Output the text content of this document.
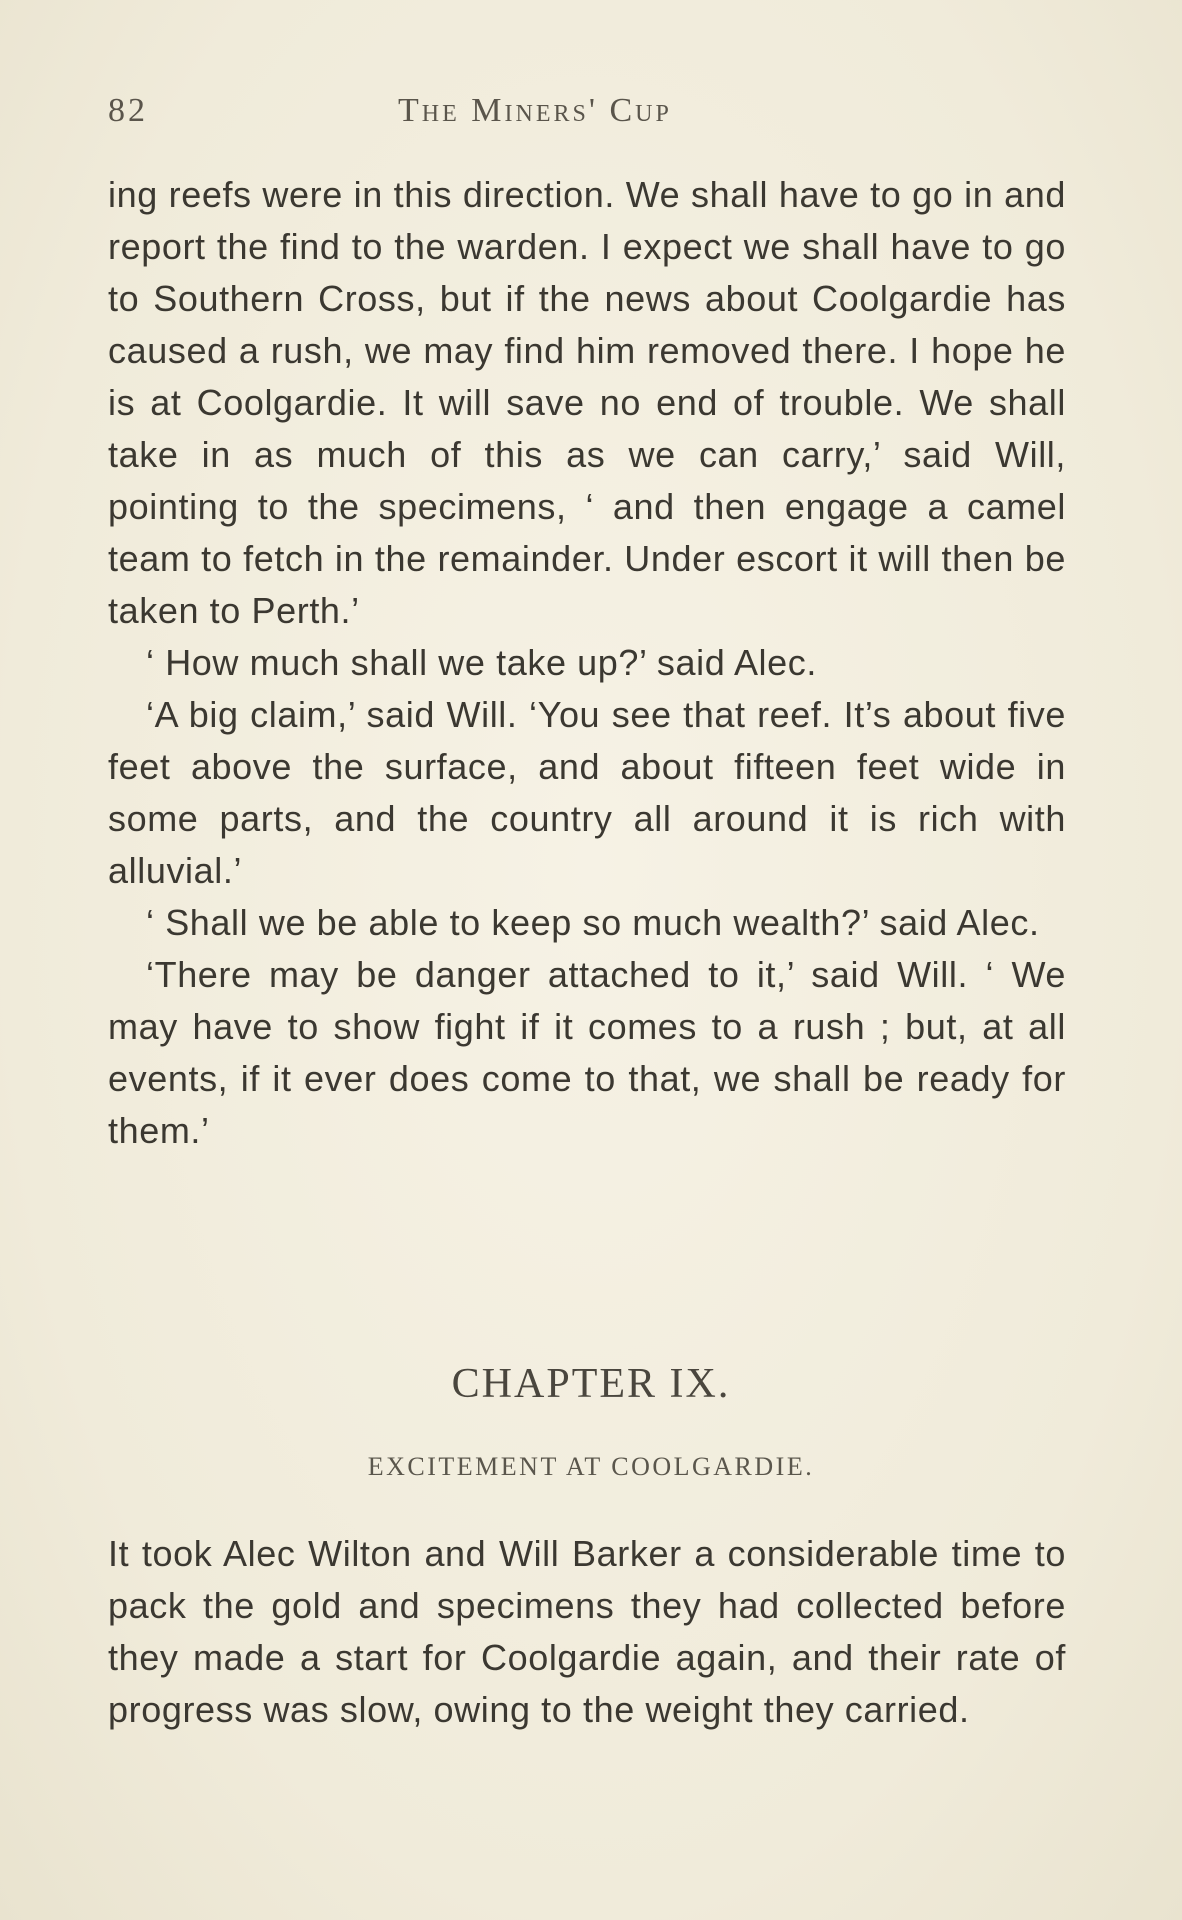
82	The Miners' Cup

ing reefs were in this direction. We shall have to go in and report the find to the warden. I expect we shall have to go to Southern Cross, but if the news about Coolgardie has caused a rush, we may find him removed there. I hope he is at Coolgardie. It will save no end of trouble. We shall take in as much of this as we can carry,’ said Will, pointing to the specimens, ‘ and then engage a camel team to fetch in the remainder. Under escort it will then be taken to Perth.’

‘ How much shall we take up?’ said Alec.

‘A big claim,’ said Will. ‘You see that reef. It’s about five feet above the surface, and about fifteen feet wide in some parts, and the country all around it is rich with alluvial.’

‘ Shall we be able to keep so much wealth?’ said Alec.

‘There may be danger attached to it,’ said Will. ‘ We may have to show fight if it comes to a rush ; but, at all events, if it ever does come to that, we shall be ready for them.’

CHAPTER IX.
EXCITEMENT AT COOLGARDIE.

It took Alec Wilton and Will Barker a considerable time to pack the gold and specimens they had collected before they made a start for Coolgardie again, and their rate of progress was slow, owing to the weight they carried.
